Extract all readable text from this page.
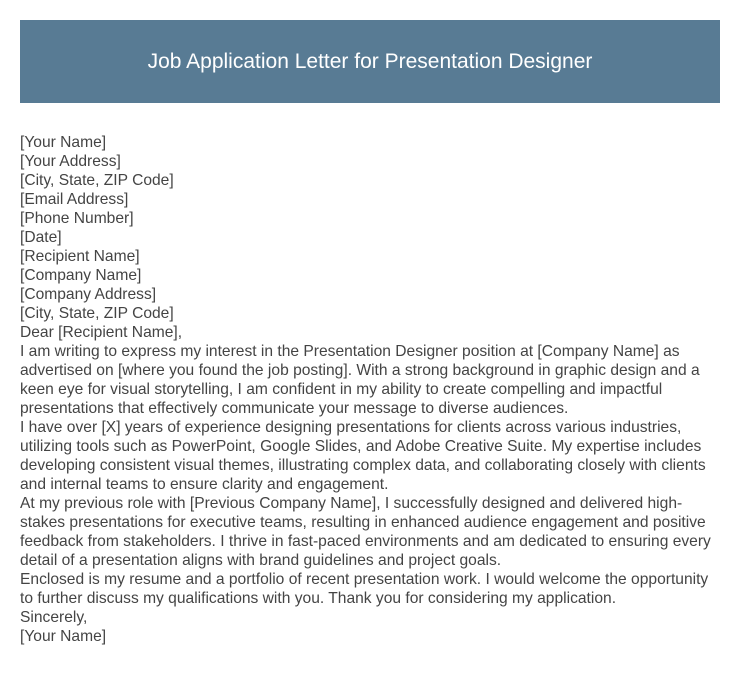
Job Application Letter for Presentation Designer
[Your Name]
[Your Address]
[City, State, ZIP Code]
[Email Address]
[Phone Number]
[Date]
[Recipient Name]
[Company Name]
[Company Address]
[City, State, ZIP Code]
Dear [Recipient Name],
I am writing to express my interest in the Presentation Designer position at [Company Name] as advertised on [where you found the job posting]. With a strong background in graphic design and a keen eye for visual storytelling, I am confident in my ability to create compelling and impactful presentations that effectively communicate your message to diverse audiences.
I have over [X] years of experience designing presentations for clients across various industries, utilizing tools such as PowerPoint, Google Slides, and Adobe Creative Suite. My expertise includes developing consistent visual themes, illustrating complex data, and collaborating closely with clients and internal teams to ensure clarity and engagement.
At my previous role with [Previous Company Name], I successfully designed and delivered high-stakes presentations for executive teams, resulting in enhanced audience engagement and positive feedback from stakeholders. I thrive in fast-paced environments and am dedicated to ensuring every detail of a presentation aligns with brand guidelines and project goals.
Enclosed is my resume and a portfolio of recent presentation work. I would welcome the opportunity to further discuss my qualifications with you. Thank you for considering my application.
Sincerely,
[Your Name]
